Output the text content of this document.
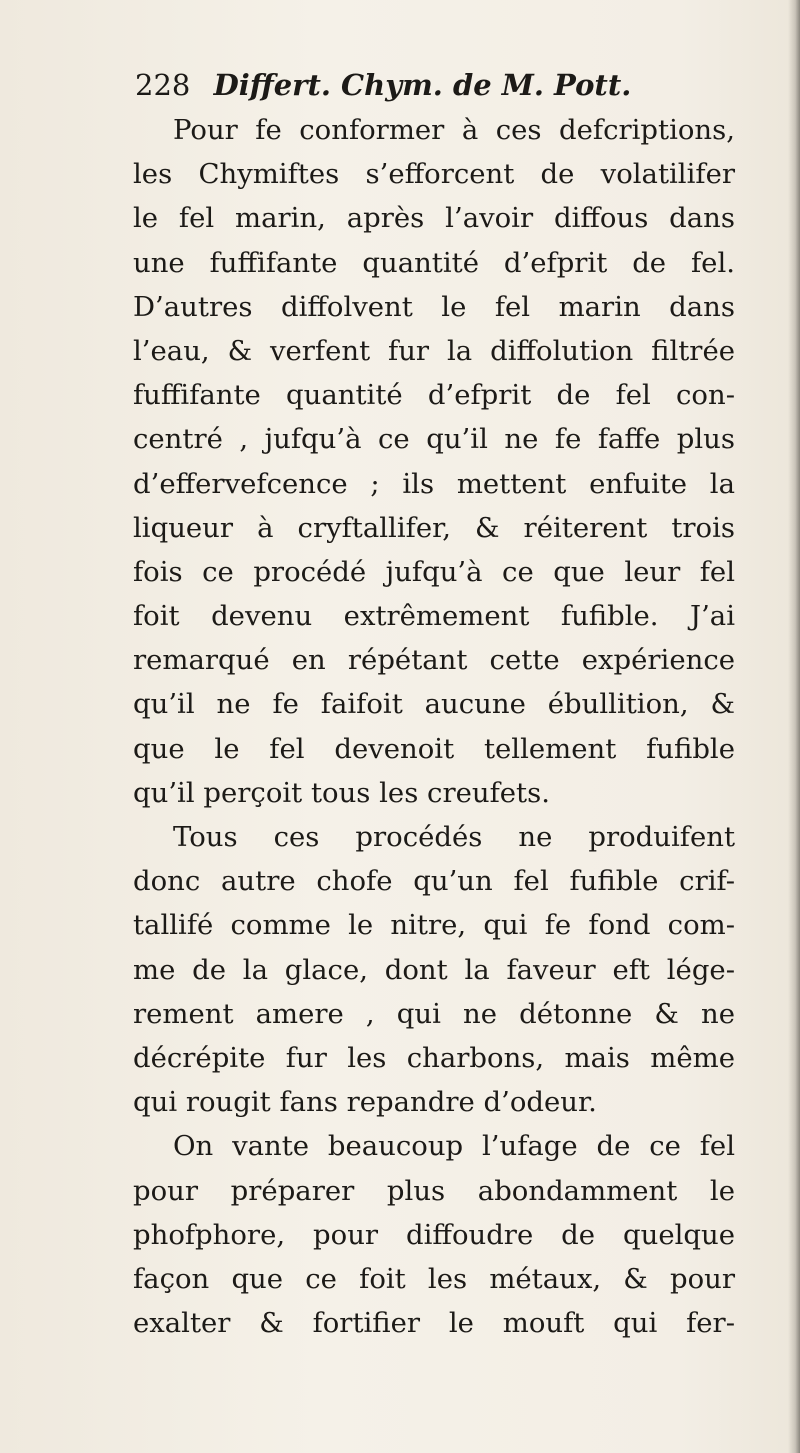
228 Differt. Chym. de M. Pott.
Pour fe conformer à ces defcriptions,
les Chymiftes s’efforcent de volatilifer
le fel marin, après l’avoir diffous dans
une fuffifante quantité d’efprit de fel.
D’autres diffolvent le fel marin dans
l’eau, & verfent fur la diffolution filtrée
fuffifante quantité d’efprit de fel con-
centré , jufqu’à ce qu’il ne fe faffe plus
d’effervefcence ; ils mettent enfuite la
liqueur à cryftallifer, & réiterent trois
fois ce procédé jufqu’à ce que leur fel
foit devenu extrêmement fufible. J’ai
remarqué en répétant cette expérience
qu’il ne fe faifoit aucune ébullition, &
que le fel devenoit tellement fufible
qu’il perçoit tous les creufets.
Tous ces procédés ne produifent
donc autre chofe qu’un fel fufible crif-
tallifé comme le nitre, qui fe fond com-
me de la glace, dont la faveur eft lége-
rement amere , qui ne détonne & ne
décrépite fur les charbons, mais même
qui rougit fans repandre d’odeur.
On vante beaucoup l’ufage de ce fel
pour préparer plus abondamment le
phofphore, pour diffoudre de quelque
façon que ce foit les métaux, & pour
exalter & fortifier le mouft qui fer-
